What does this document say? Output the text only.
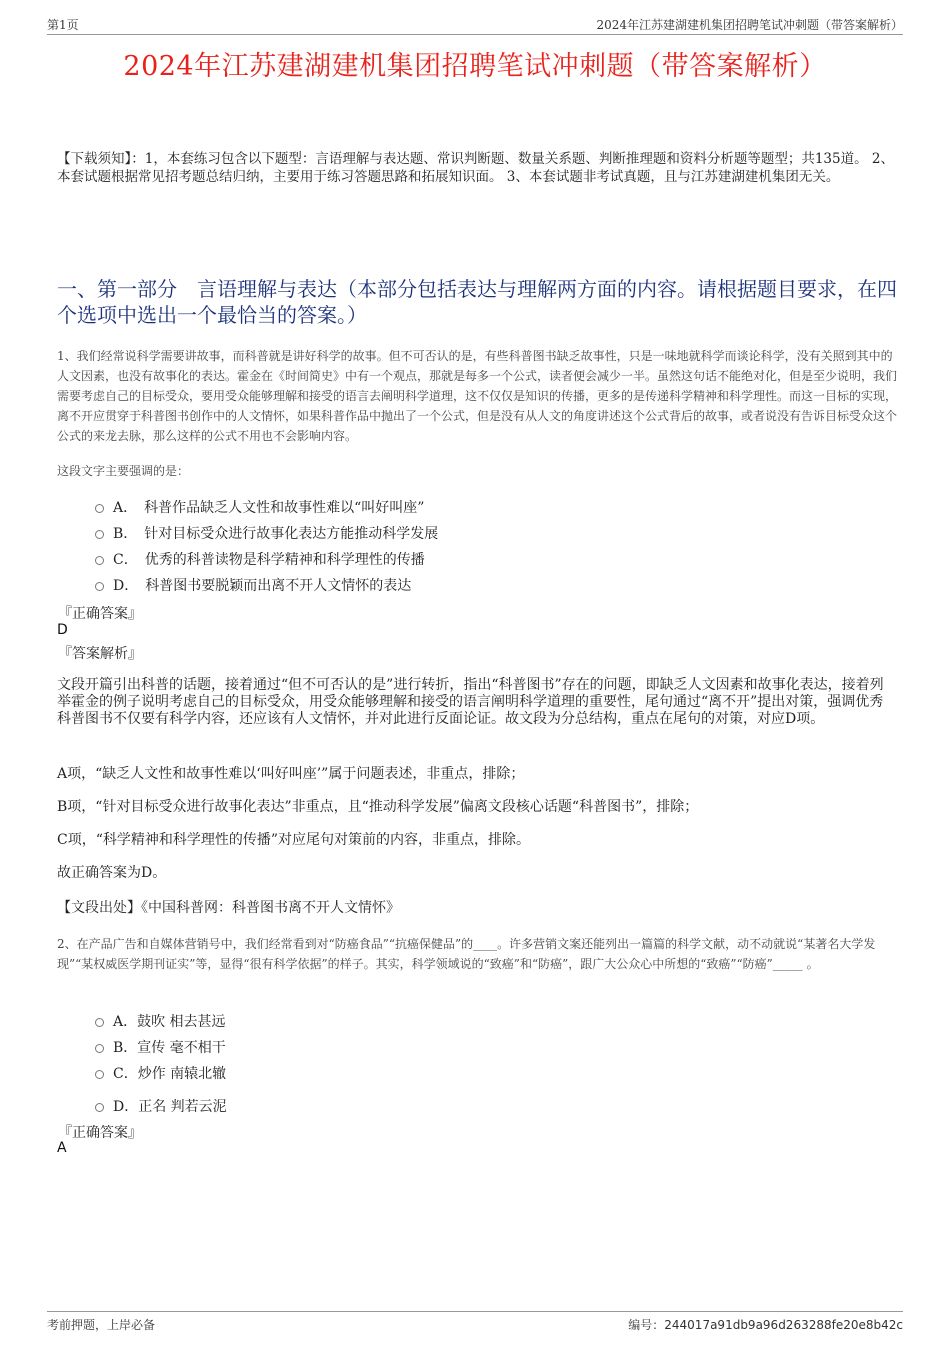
第1页	2024年江苏建湖建机集团招聘笔试冲刺题（带答案解析）
2024年江苏建湖建机集团招聘笔试冲刺题（带答案解析）
【下载须知】：1，本套练习包含以下题型：言语理解与表达题、常识判断题、数量关系题、判断推理题和资料分析题等题型；共135道。 2、本套试题根据常见招考题总结归纳，主要用于练习答题思路和拓展知识面。 3、本套试题非考试真题，且与江苏建湖建机集团无关。
一、第一部分　言语理解与表达（本部分包括表达与理解两方面的内容。请根据题目要求，在四个选项中选出一个最恰当的答案。）
1、我们经常说科学需要讲故事，而科普就是讲好科学的故事。但不可否认的是，有些科普图书缺乏故事性，只是一味地就科学而谈论科学，没有关照到其中的人文因素，也没有故事化的表达。霍金在《时间简史》中有一个观点，那就是每多一个公式，读者便会减少一半。虽然这句话不能绝对化，但是至少说明，我们需要考虑自己的目标受众，要用受众能够理解和接受的语言去阐明科学道理，这不仅仅是知识的传播，更多的是传递科学精神和科学理性。而这一目标的实现，离不开应贯穿于科普图书创作中的人文情怀，如果科普作品中抛出了一个公式，但是没有从人文的角度讲述这个公式背后的故事，或者说没有告诉目标受众这个公式的来龙去脉，那么这样的公式不用也不会影响内容。
这段文字主要强调的是：
A．　科普作品缺乏人文性和故事性难以“叫好叫座”
B．　针对目标受众进行故事化表达方能推动科学发展
C．　优秀的科普读物是科学精神和科学理性的传播
D．　科普图书要脱颖而出离不开人文情怀的表达
『正确答案』
D
『答案解析』
文段开篇引出科普的话题，接着通过“但不可否认的是”进行转折，指出“科普图书”存在的问题，即缺乏人文因素和故事化表达，接着列举霍金的例子说明考虑自己的目标受众，用受众能够理解和接受的语言阐明科学道理的重要性，尾句通过“离不开”提出对策，强调优秀科普图书不仅要有科学内容，还应该有人文情怀，并对此进行反面论证。故文段为分总结构，重点在尾句的对策，对应D项。
A项，“缺乏人文性和故事性难以‘叫好叫座’”属于问题表述，非重点，排除；
B项，“针对目标受众进行故事化表达”非重点，且“推动科学发展”偏离文段核心话题“科普图书”，排除；
C项，“科学精神和科学理性的传播”对应尾句对策前的内容，非重点，排除。
故正确答案为D。
【文段出处】《中国科普网：科普图书离不开人文情怀》
2、在产品广告和自媒体营销号中，我们经常看到对“防癌食品”“抗癌保健品”的____。许多营销文案还能列出一篇篇的科学文献，动不动就说“某著名大学发现”“某权威医学期刊证实”等，显得“很有科学依据”的样子。其实，科学领域说的“致癌”和“防癌”，跟广大公众心中所想的“致癌”“防癌”_____ 。
A．鼓吹 相去甚远
B．宣传 毫不相干
C．炒作 南辕北辙
D．正名 判若云泥
『正确答案』
A
考前押题，上岸必备	编号：244017a91db9a96d263288fe20e8b42c
